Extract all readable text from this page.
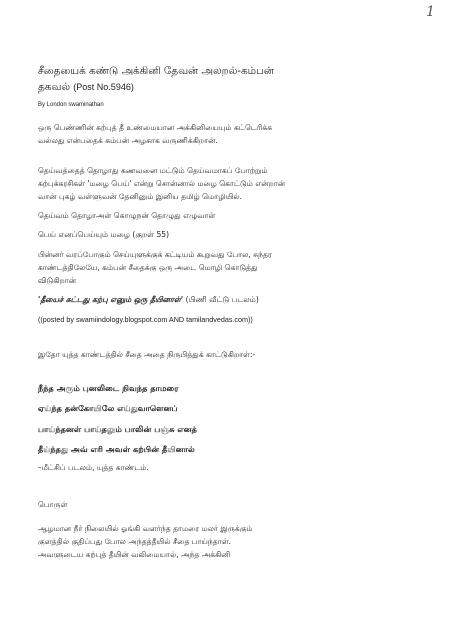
1
சீதையைக் கண்டு அக்கினி தேவன் அலறல்-கம்பன்
தகவல் (Post No.5946)
By London swaminathan
ஒரு பெண்ணின் கற்புத் தீ உண்மையான அக்கினியையும் சுட்டெரிக்க
வல்லது என்பதைக் கம்பன் அழகாக வருணிக்கிறான்.
தெய்வத்தைத் தொழாது கணவனை மட்டும் தெய்வமாகப் போற்றும்
கற்புக்கரசிகள் 'மழை பெய்' என்று சொன்னால் மழை கொட்டும் என்றான்
வான் புகழ் வள்ளுவன் தேனினும் இனிய தமிழ் மொழியில்.
தெய்வம் தொழாஅள் கொழுநன் தொழுது எழுவாள்
பெய் எனப்பெய்யும் மழை (குறள் 55)
பின்னர் வரப்போகும் செய்யுளுக்குக் கட்டியம் கூறுவது போல, சுந்தர
காண்டத்திலேயே, கம்பன் சீதைக்கு ஒரு அடை மொழி கொடுத்து
விடுகிறான்
'தீயைச் சுட்டது கற்பு எனும் ஒரு தீயினாள்' (பிணி வீட்டு படலம்)
((posted by swamiindology.blogspot.com AND tamilandvedas.com))
இதோ யுத்த காண்டத்தில் சீதை அதை நிருபித்துக் காட்டுகிறாள்:-
நீந்த அரும் புனலிடை நிவந்த தாமரை
ஏய்ந்த தன்கோயிலே எய்துவாளெனப்
பாய்ந்தனள் பாய்தலும் பாலின் பஞ்சு எனத்
தீய்ந்தது அவ் எரி அவள் கற்பின் தீயினால்
–மீட்சிப் படலம், யுத்த காண்டம்.
பொருள்
ஆழமான நீர் நிலையில் ஓங்கி வளர்ந்த தாமரை மலர் இருக்கும்
குளத்தில் குதிப்பது போல அந்தத்தீயில் சீதை பாய்ந்தாள்.
அவளுடைய கற்புத் தீயின் வலிமையால், அந்த அக்கினி
